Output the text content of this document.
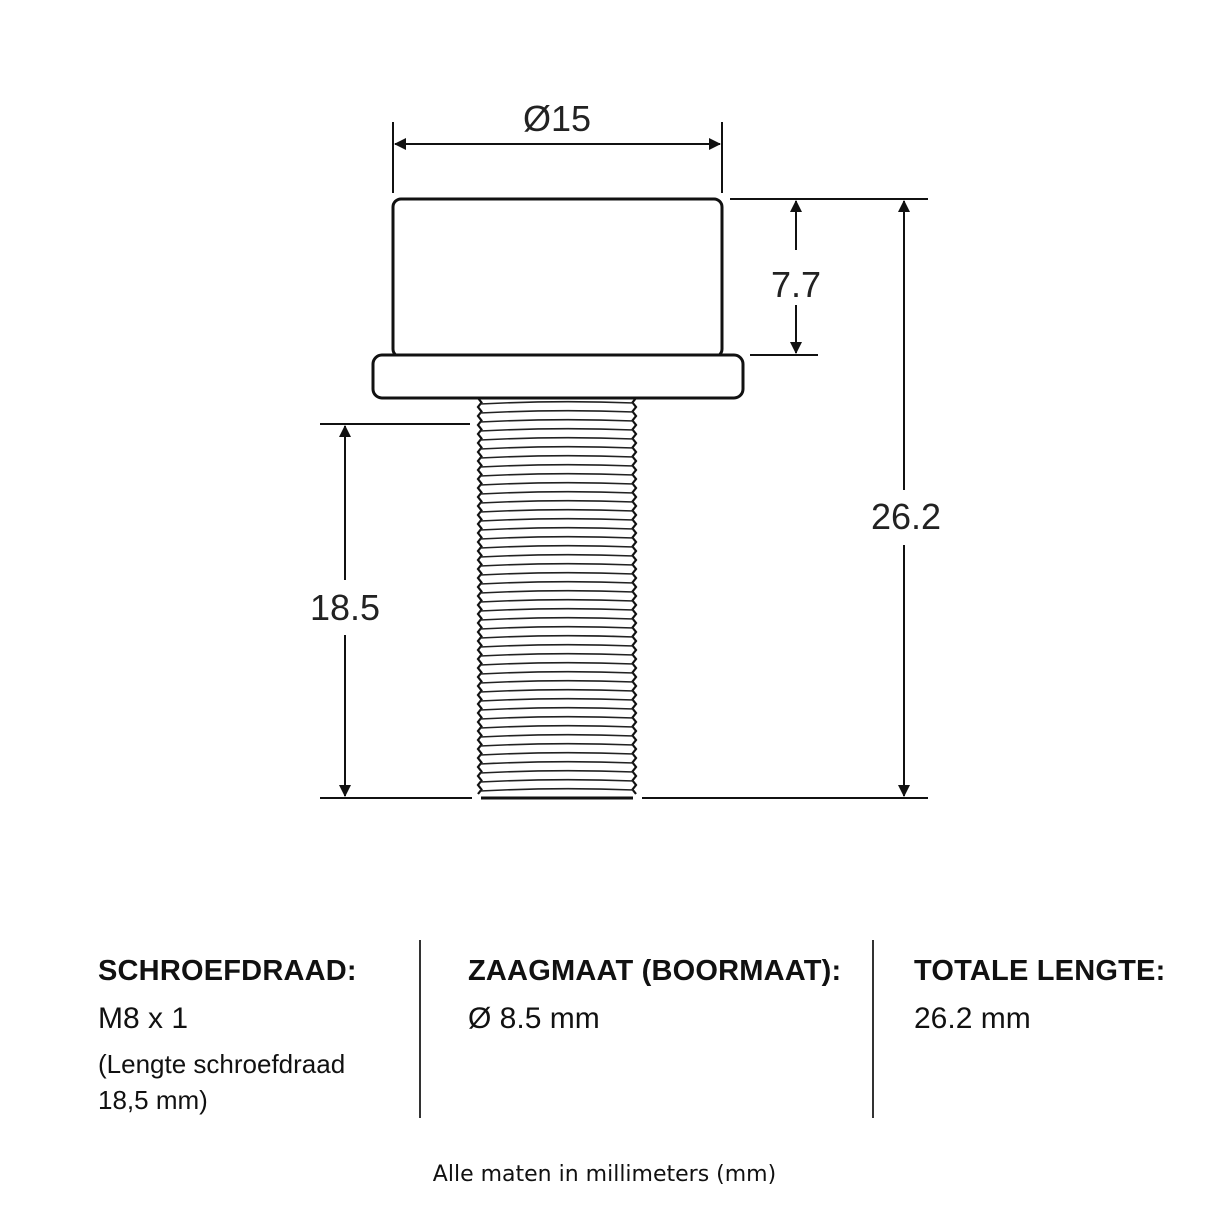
Ø15
7.7
26.2
18.5
SCHROEFDRAAD:
M8 x 1
(Lengte schroefdraad
18,5 mm)
ZAAGMAAT (BOORMAAT):
Ø 8.5 mm
TOTALE LENGTE:
26.2 mm
Alle maten in millimeters (mm)
